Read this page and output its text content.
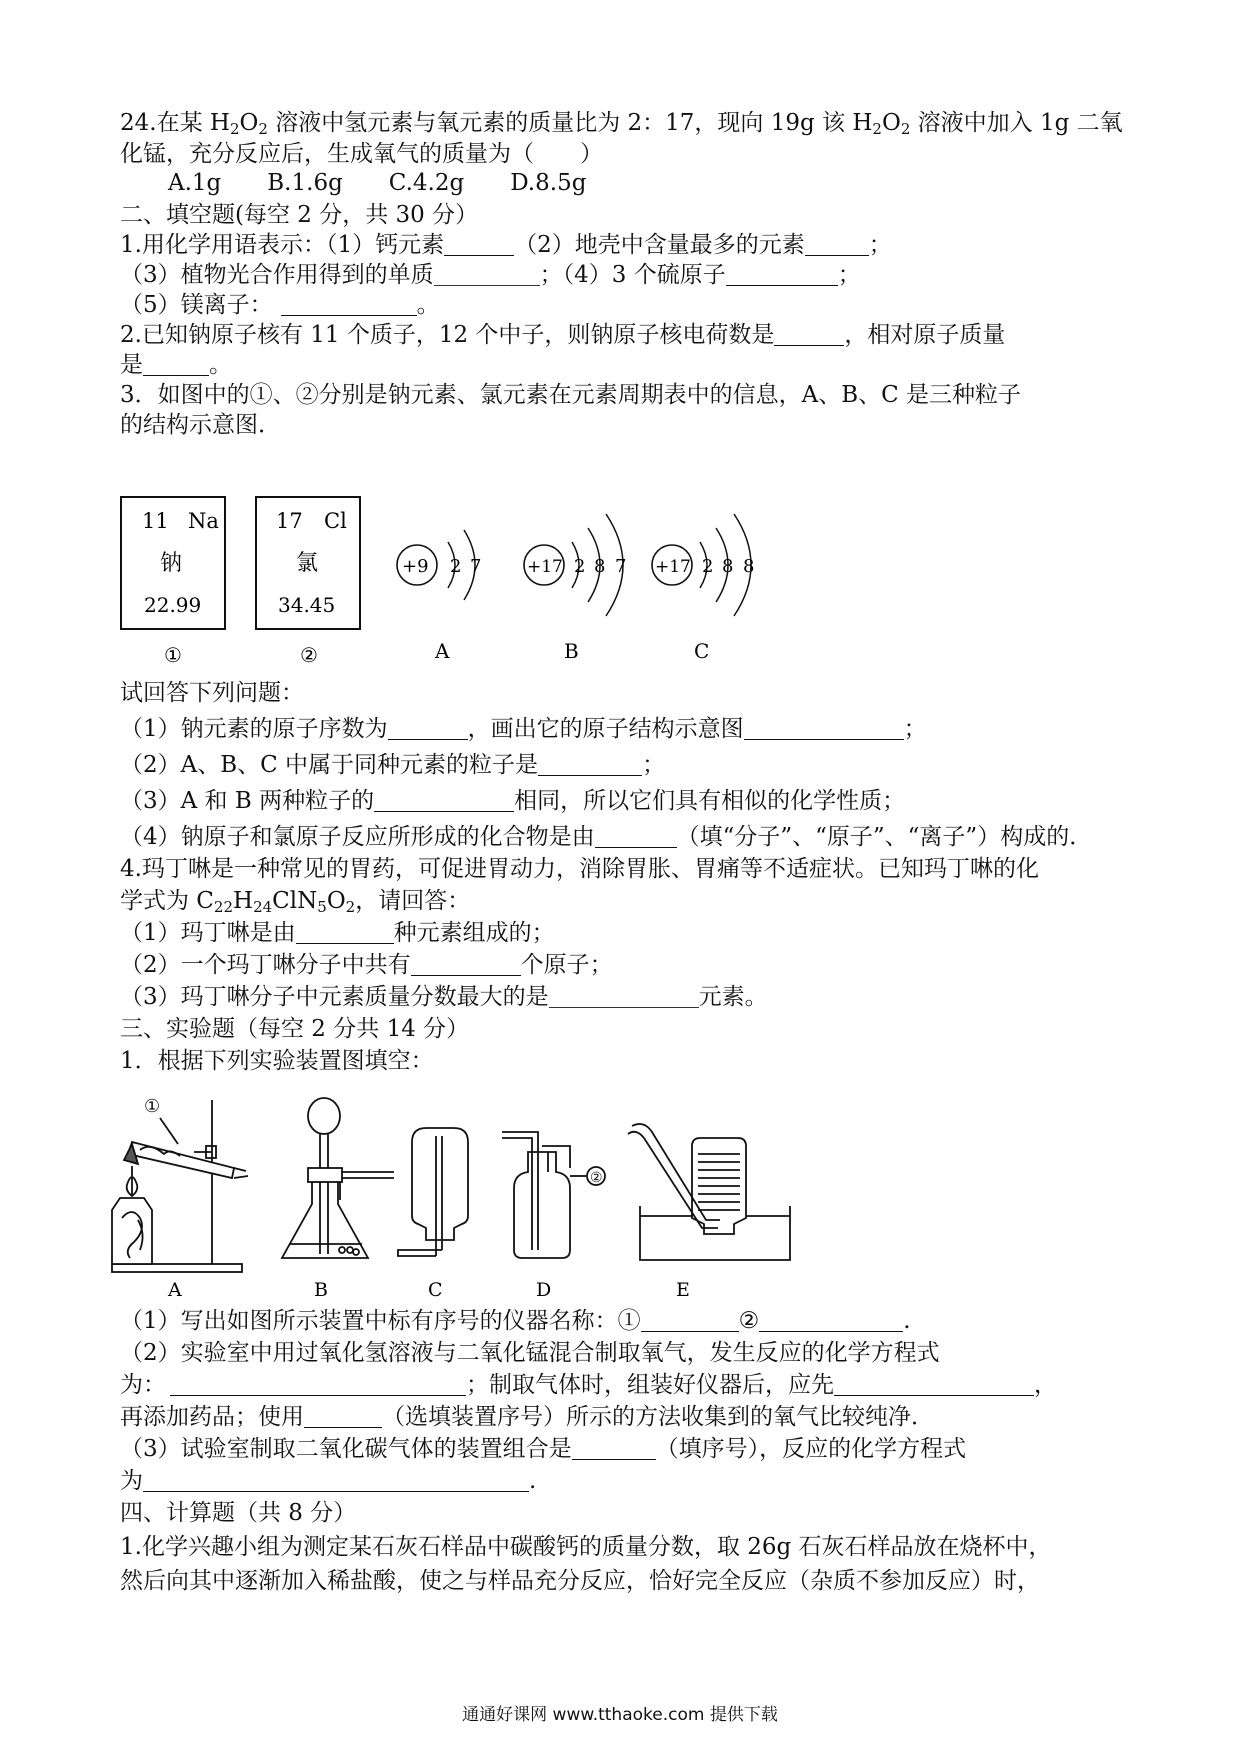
24.在某 $H_2O_2$ 溶液中氢元素与氧元素的质量比为 2：17，现向 19g 该 $H_2O_2$ 溶液中加入 1g 二氧
化锰，充分反应后，生成氧气的质量为（　　）
A.1g B.1.6g C.4.2g D.8.5g
二、填空题(每空 2 分，共 30 分）
1.用化学用语表示：（1）钙元素	（2）地壳中含量最多的元素	；
（3）植物光合作用得到的单质	；（4）3 个硫原子	；
（5）镁离子：	。
2.已知钠原子核有 11 个质子，12 个中子，则钠原子核电荷数是	，相对原子质量
是	。
3．如图中的①、②分别是钠元素、氯元素在元素周期表中的信息，A、B、C 是三种粒子
的结构示意图．
11 Na
钠
22.99
①
17 Cl
氯
34.45
②
+9 2 7
A
+17 2 8 7
B
+17 2 8 8
C
试回答下列问题：
（1）钠元素的原子序数为	，画出它的原子结构示意图	；
（2）A、B、C 中属于同种元素的粒子是	；
（3）A 和 B 两种粒子的	相同，所以它们具有相似的化学性质；
（4）钠原子和氯原子反应所形成的化合物是由	（填“分子”、“原子”、“离子”）构成的．
4.玛丁啉是一种常见的胃药，可促进胃动力，消除胃胀、胃痛等不适症状。已知玛丁啉的化
学式为 $C_{22}H_{24}ClN_5O_2$，请回答：
（1）玛丁啉是由	种元素组成的；
（2）一个玛丁啉分子中共有	个原子；
（3）玛丁啉分子中元素质量分数最大的是	元素。
三、实验题（每空 2 分共 14 分）
1．根据下列实验装置图填空：
①
A	B	C
②
D	E
（1）写出如图所示装置中标有序号的仪器名称：①	②	.
（2）实验室中用过氧化氢溶液与二氧化锰混合制取氧气，发生反应的化学方程式
为：	；制取气体时，组装好仪器后，应先	，
再添加药品；使用	（选填装置序号）所示的方法收集到的氧气比较纯净．
（3）试验室制取二氧化碳气体的装置组合是	（填序号），反应的化学方程式
为	.
四、计算题（共 8 分）
1.化学兴趣小组为测定某石灰石样品中碳酸钙的质量分数，取 26g 石灰石样品放在烧杯中，
然后向其中逐渐加入稀盐酸，使之与样品充分反应，恰好完全反应（杂质不参加反应）时，
通通好课网 www.tthaoke.com 提供下载
